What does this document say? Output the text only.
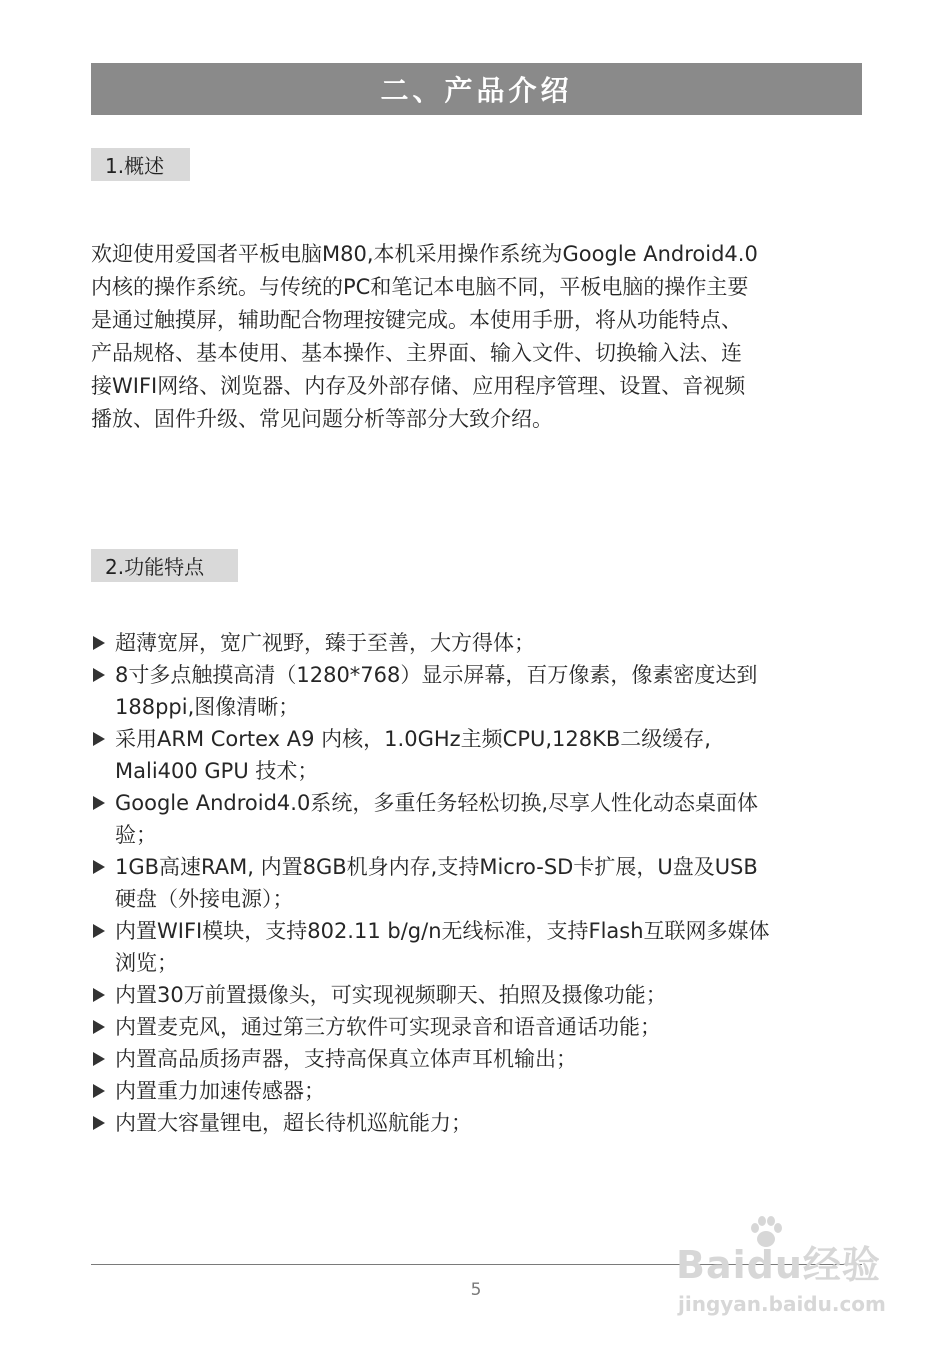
二、产品介绍
1.概述

欢迎使用爱国者平板电脑M80,本机采用操作系统为Google Android4.0

内核的操作系统。与传统的PC和笔记本电脑不同，平板电脑的操作主要

是通过触摸屏，辅助配合物理按键完成。本使用手册，将从功能特点、

产品规格、基本使用、基本操作、主界面、输入文件、切换输入法、连

接WIFI网络、浏览器、内存及外部存储、应用程序管理、设置、音视频

播放、固件升级、常见问题分析等部分大致介绍。

2.功能特点
超薄宽屏，宽广视野，臻于至善，大方得体；
8寸多点触摸高清（1280*768）显示屏幕，百万像素，像素密度达到
188ppi,图像清晰；
采用ARM Cortex A9 内核，1.0GHz主频CPU,128KB二级缓存,
Mali400 GPU 技术；
Google Android4.0系统，多重任务轻松切换,尽享人性化动态桌面体
验；
1GB高速RAM, 内置8GB机身内存,支持Micro-SD卡扩展，U盘及USB
硬盘（外接电源）；
内置WIFI模块，支持802.11 b/g/n无线标准，支持Flash互联网多媒体
浏览；
内置30万前置摄像头，可实现视频聊天、拍照及摄像功能；
内置麦克风，通过第三方软件可实现录音和语音通话功能；
内置高品质扬声器，支持高保真立体声耳机输出；
内置重力加速传感器；
内置大容量锂电，超长待机巡航能力；
5
Baidu经验
jingyan.baidu.com
